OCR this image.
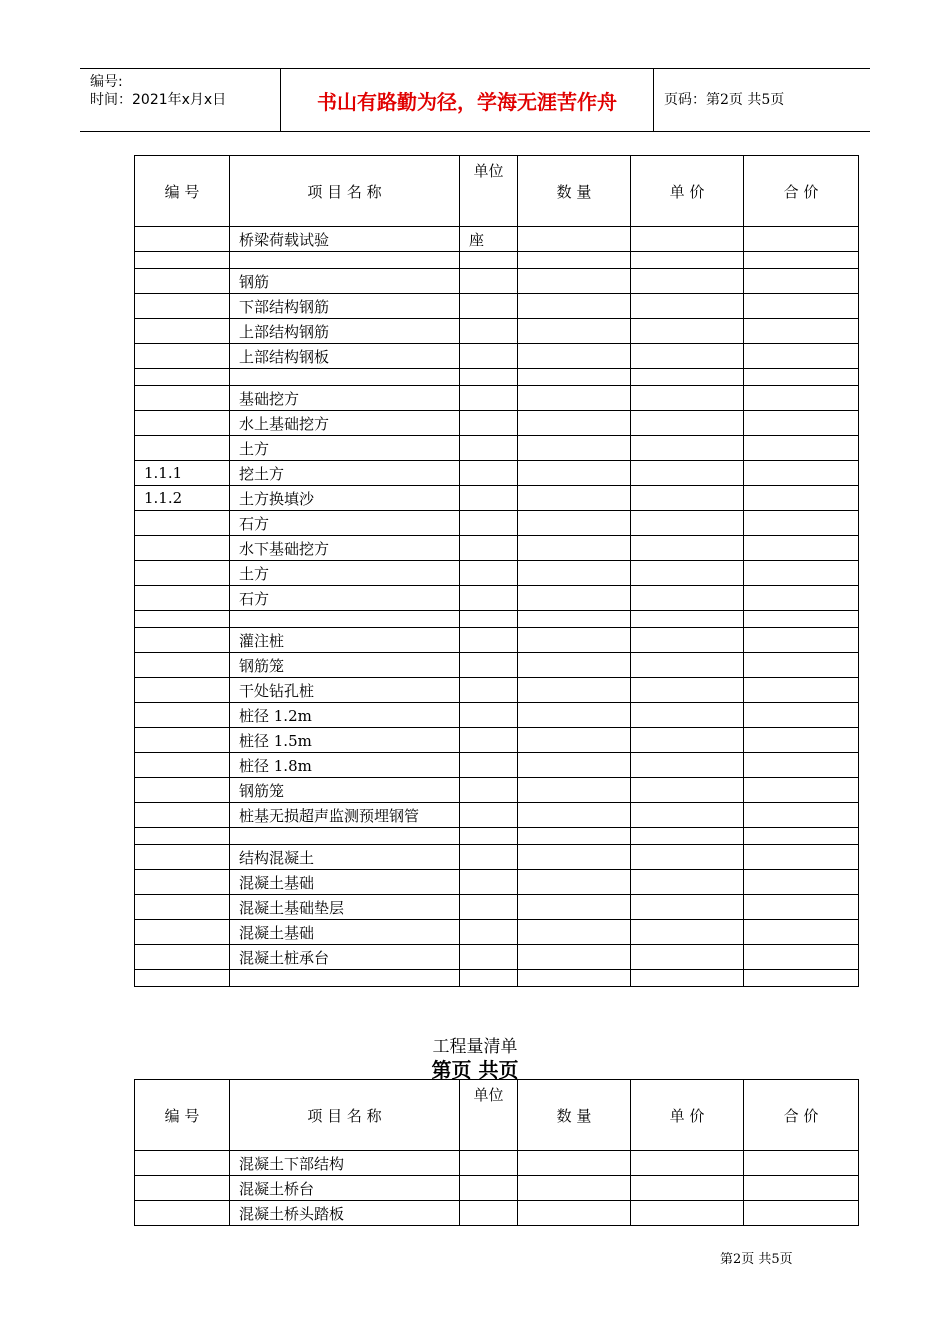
编号:
时间：2021年x月x日	书山有路勤为径，学海无涯苦作舟	页码：第2页 共5页
编 号	项 目 名 称	单位	数 量	单 价	合 价
	桥梁荷载试验	座			

	钢筋				
	下部结构钢筋				
	上部结构钢筋				
	上部结构钢板				

	基础挖方				
	水上基础挖方				
	土方				
1.1.1	挖土方				
1.1.2	土方换填沙				
	石方				
	水下基础挖方				
	土方				
	石方				

	灌注桩				
	钢筋笼				
	干处钻孔桩				
	桩径 1.2m				
	桩径 1.5m				
	桩径 1.8m				
	钢筋笼				
	桩基无损超声监测预埋钢管				

	结构混凝土				
	混凝土基础				
	混凝土基础垫层				
	混凝土基础				
	混凝土桩承台				

工程量清单
第页 共页
编 号	项 目 名 称	单位	数 量	单 价	合 价
	混凝土下部结构				
	混凝土桥台				
	混凝土桥头踏板				
第2页 共5页
